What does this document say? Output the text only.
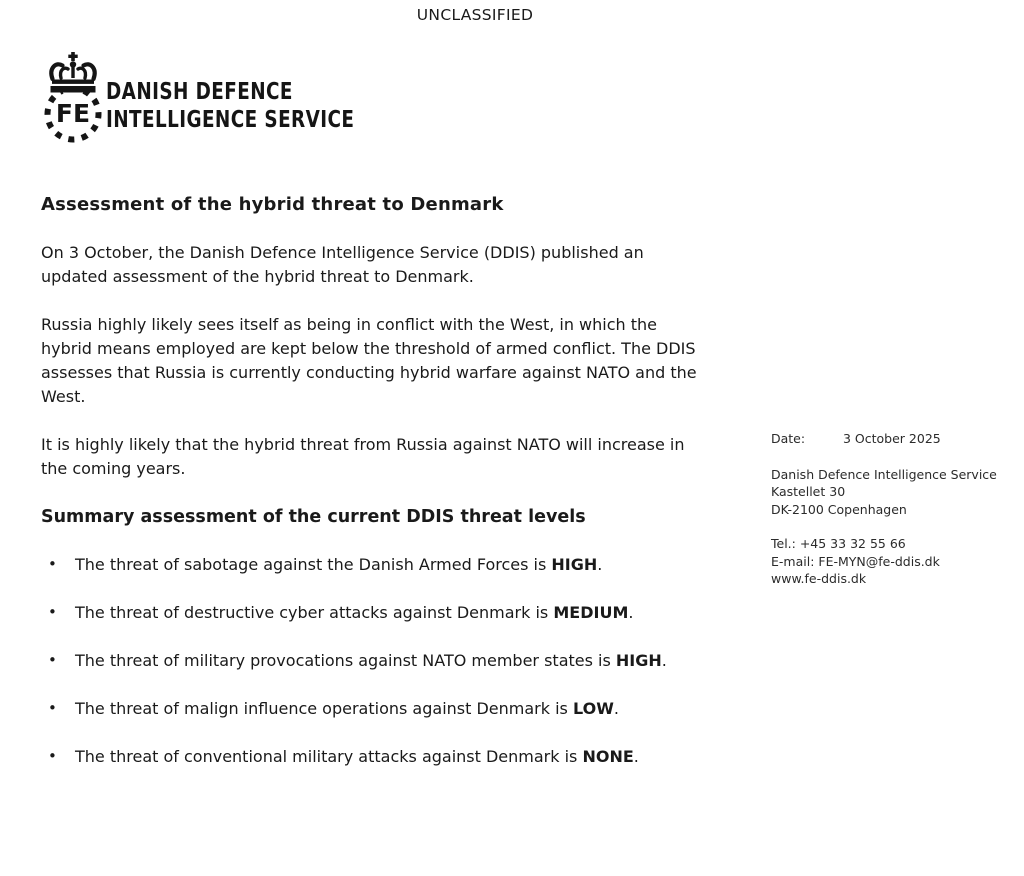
UNCLASSIFIED
FE
DANISH DEFENCE
INTELLIGENCE SERVICE
Assessment of the hybrid threat to Denmark

On 3 October, the Danish Defence Intelligence Service (DDIS) published an updated assessment of the hybrid threat to Denmark.

Russia highly likely sees itself as being in conflict with the West, in which the hybrid means employed are kept below the threshold of armed conflict. The DDIS assesses that Russia is currently conducting hybrid warfare against NATO and the West.

It is highly likely that the hybrid threat from Russia against NATO will increase in the coming years.

Summary assessment of the current DDIS threat levels
• The threat of sabotage against the Danish Armed Forces is HIGH.
• The threat of destructive cyber attacks against Denmark is MEDIUM.
• The threat of military provocations against NATO member states is HIGH.
• The threat of malign influence operations against Denmark is LOW.
• The threat of conventional military attacks against Denmark is NONE.
Date:	3 October 2025
Danish Defence Intelligence Service
Kastellet 30
DK-2100 Copenhagen
Tel.: +45 33 32 55 66
E-mail: FE-MYN@fe-ddis.dk
www.fe-ddis.dk
